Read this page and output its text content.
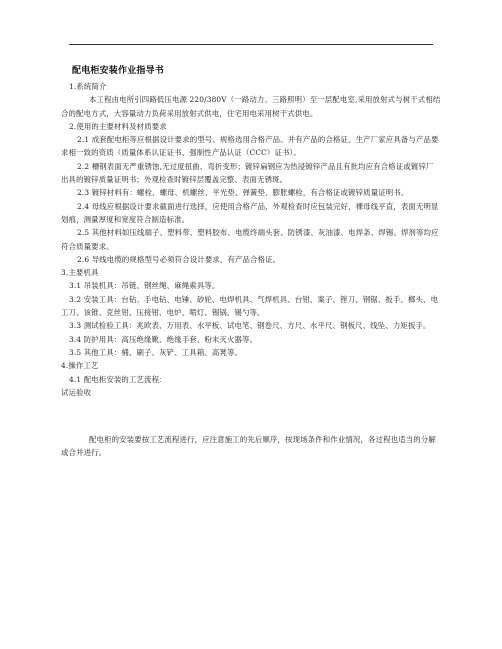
配电柜安装作业指导书

1.系统简介

本工程由电所引四路低压电源 220/380V（一路动力、三路照明）至一层配电室,采用放射式与树干式相结合的配电方式，大容量动力负荷采用放射式供电，住宅用电采用树干式供电。

2.使用的主要材料及材质要求

2.1 成套配电柜等应根据设计要求的型号、规格选用合格产品。并有产品的合格证、生产厂家应具备与产品要求相一致的资质（质量体系认证证书、强制性产品认证（CCC）证书）。

2.2 槽钢表面无严重锈蚀,无过度扭曲、弯折变形；镀锌扁钢应为热浸镀锌产品且有批均应有合格证或镀锌厂出具的镀锌质量证明书；外观检查时镀锌层覆盖完整、表面无锈斑。

2.3 镀锌材料有：螺栓、螺母、机螺丝、平光垫、弹簧垫、膨胀螺栓，有合格证或镀锌质量证明书。

2.4 母线应根据设计要求截面进行选择，应使用合格产品，外观检查时应包装完好，裸母线平直，表面无明显划痕，测量厚度和宽度符合制造标准。

2.5 其他材料如压线端子、塑料带、塑料胶布、电缆终端头套、防锈漆、灰油漆、电焊条、焊锡、焊剂等均应符合质量要求。

2.6 导线电缆的规格型号必须符合设计要求，有产品合格证。

3.主要机具

3.1 吊装机具：吊链、钢丝绳、麻绳索具等。

3.2 安装工具：台钻、手电钻、电锤、砂轮、电焊机具、气焊机具、台钳、案子、锉刀、钢锯、扳手、榔头、电工刀、该锥、克丝钳、压接钳、电炉、喷灯、锡锅、锡勺等。

3.3 测试检验工具：兆欧表、万用表、水平板、试电笔、钢卷尺、方尺、水平尺、钢板尺、线坠、力矩扳手。

3.4 防护用具：高压绝缘靴、绝缘手套、粉末灭火器等。

3.5 其他工具：桶、刷子、灰铲、工具箱、高凳等。

4.操作工艺

4.1 配电柜安装的工艺流程：

试运验收

配电柜的安装要按工艺流程进行，应注意施工的先后顺序，按现场条件和作业情况，各过程也适当的分解或合并进行。
